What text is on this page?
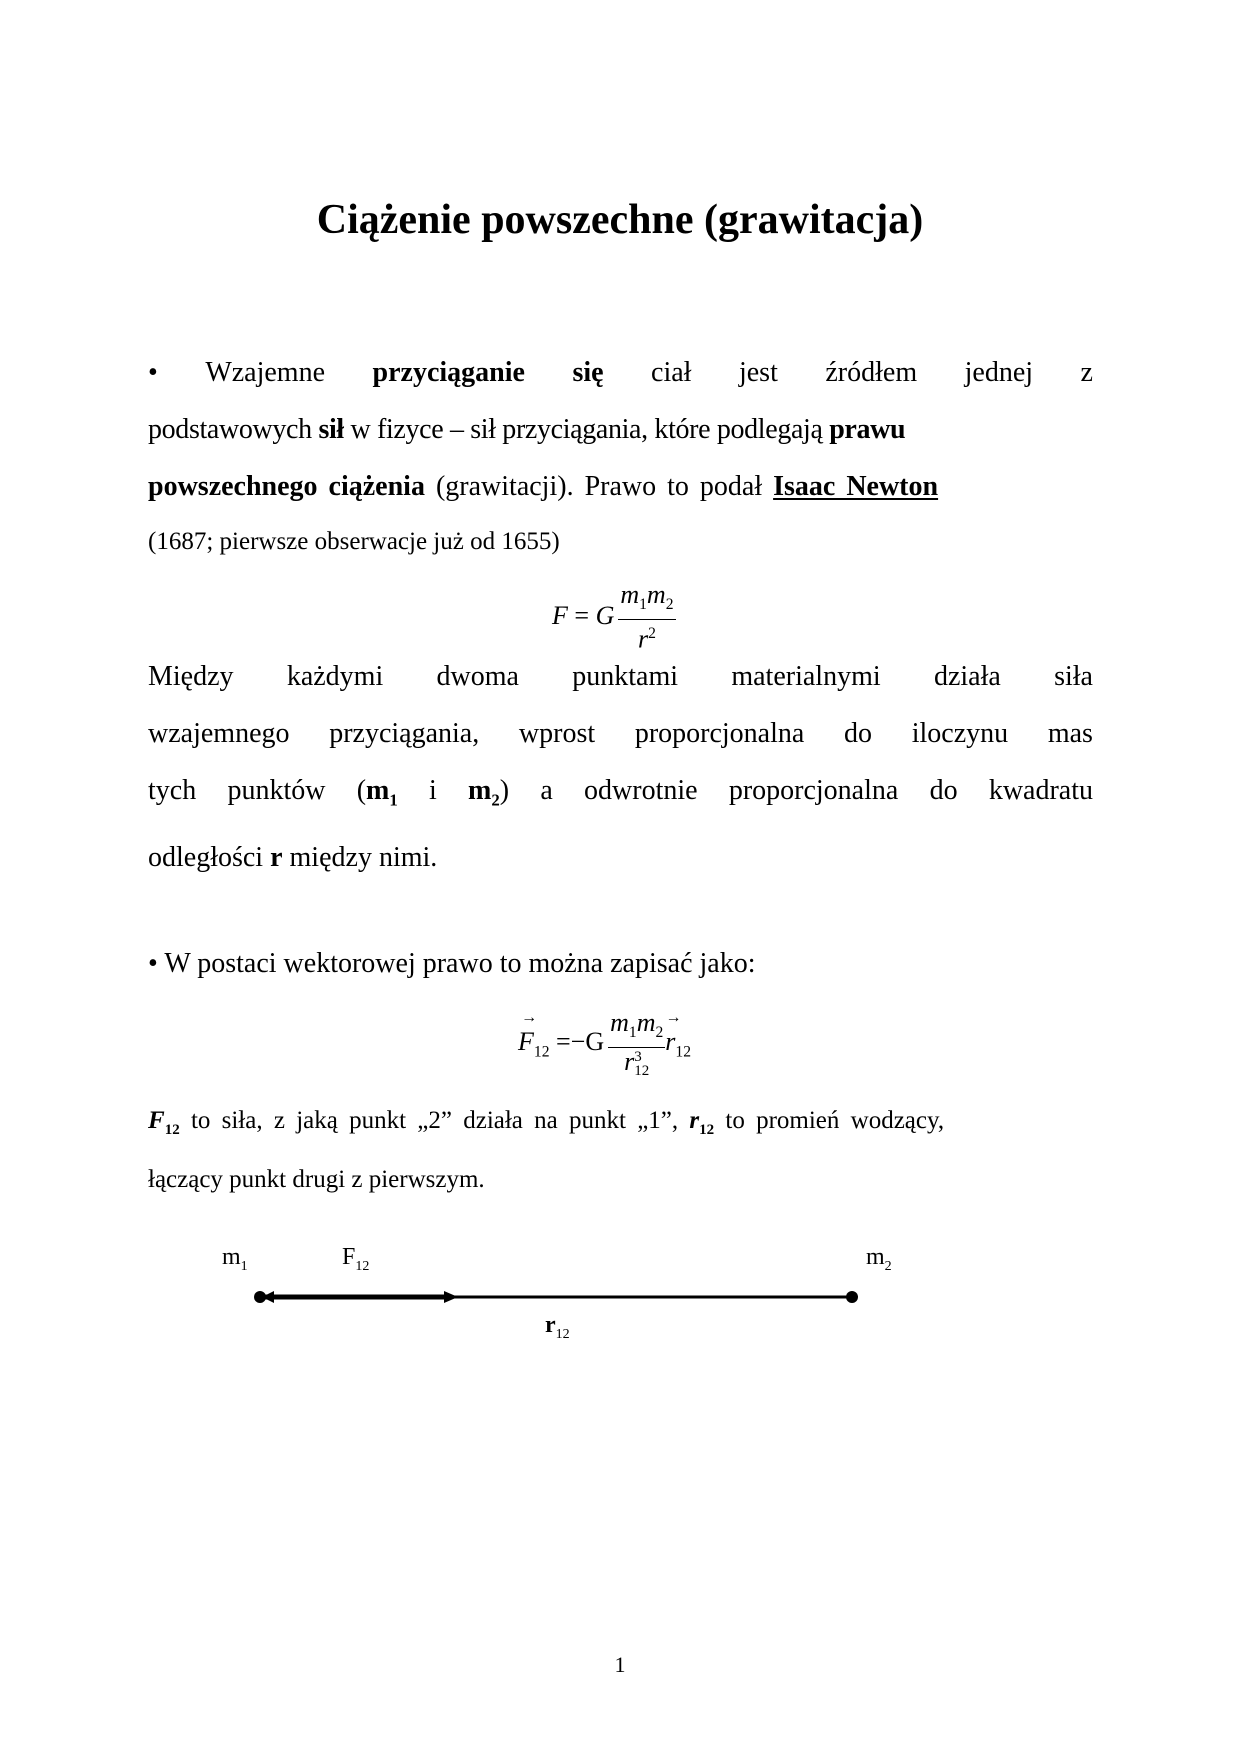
Ciążenie powszechne (grawitacja)
• Wzajemne przyciąganie się ciał jest źródłem jednej z
podstawowych sił w fizyce – sił przyciągania, które podlegają prawu
powszechnego ciążenia (grawitacji). Prawo to podał Isaac Newton
(1687; pierwsze obserwacje już od 1655)
F = G $\frac{m_1m_2}{r^2}$
Między każdymi dwoma punktami materialnymi działa siła
wzajemnego przyciągania, wprost proporcjonalna do iloczynu mas
tych punktów ($m_1$ i $m_2$) a odwrotnie proporcjonalna do kwadratu
odległości r między nimi.
• W postaci wektorowej prawo to można zapisać jako:
→ $F_{12} =-G$ $m_1m_2$
r 3
$12 \to r_{12}$
$F_{12}$ to siła, z jaką punkt „2” działa na punkt „1”, $r_{12}$ to promień wodzący,
łączący punkt drugi z pierwszym.
$m_1$	$F_{12}$	$m_2$
$r_{12}$
1
